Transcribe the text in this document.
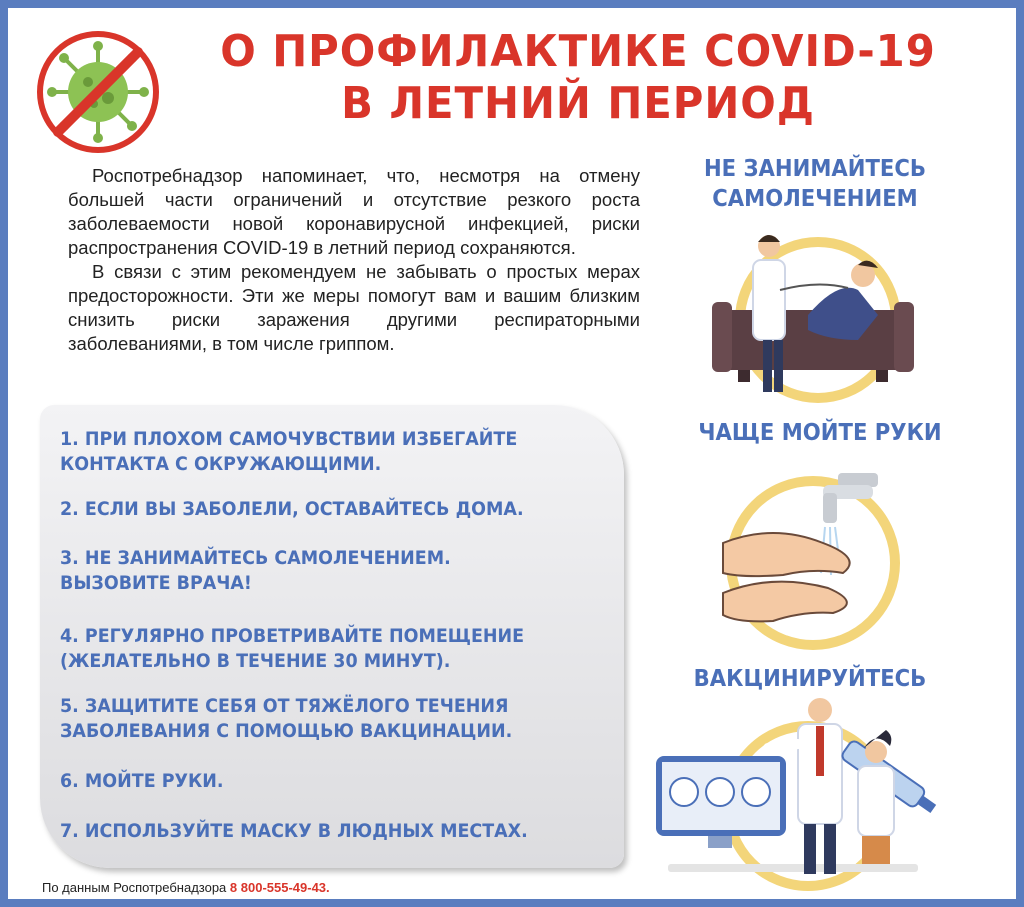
О ПРОФИЛАКТИКЕ COVID-19
В ЛЕТНИЙ ПЕРИОД

Роспотребнадзор напоминает, что, несмотря на отмену большей части ограничений и отсутствие резкого роста заболеваемости новой коронавирусной инфекцией, риски распространения COVID-19 в летний период сохраняются.

В связи с этим рекомендуем не забывать о простых мерах предосторожности. Эти же меры помогут вам и вашим близким снизить риски заражения другими респираторными заболеваниями, в том числе гриппом.

1. ПРИ ПЛОХОМ САМОЧУВСТВИИ ИЗБЕГАЙТЕ
КОНТАКТА С ОКРУЖАЮЩИМИ.
2. ЕСЛИ ВЫ ЗАБОЛЕЛИ, ОСТАВАЙТЕСЬ ДОМА.
3. НЕ ЗАНИМАЙТЕСЬ САМОЛЕЧЕНИЕМ.
ВЫЗОВИТЕ ВРАЧА!
4. РЕГУЛЯРНО ПРОВЕТРИВАЙТЕ ПОМЕЩЕНИЕ
(ЖЕЛАТЕЛЬНО В ТЕЧЕНИЕ 30 МИНУТ).
5. ЗАЩИТИТЕ СЕБЯ ОТ ТЯЖЁЛОГО ТЕЧЕНИЯ
ЗАБОЛЕВАНИЯ С ПОМОЩЬЮ ВАКЦИНАЦИИ.
6. МОЙТЕ РУКИ.
7. ИСПОЛЬЗУЙТЕ МАСКУ В ЛЮДНЫХ МЕСТАХ.
НЕ ЗАНИМАЙТЕСЬ
САМОЛЕЧЕНИЕМ
ЧАЩЕ МОЙТЕ РУКИ
ВАКЦИНИРУЙТЕСЬ
По данным Роспотребнадзора 8 800-555-49-43.
